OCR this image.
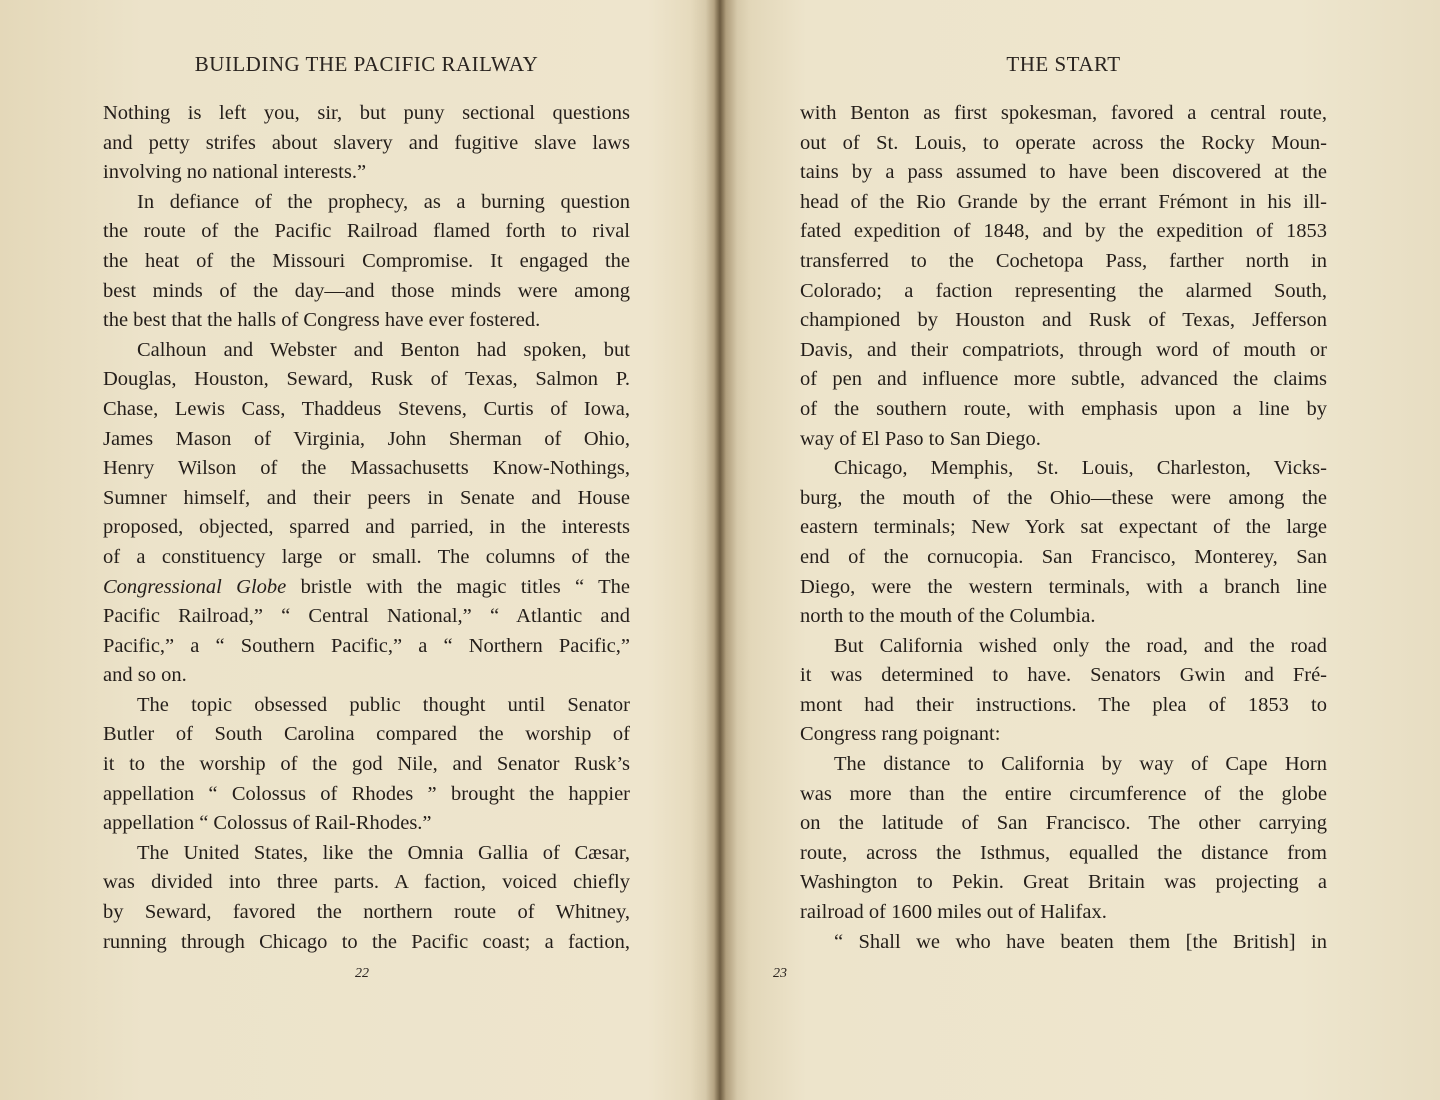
BUILDING THE PACIFIC RAILWAY
Nothing is left you, sir, but puny sectional questions
and petty strifes about slavery and fugitive slave laws
involving no national interests.”
In defiance of the prophecy, as a burning question
the route of the Pacific Railroad flamed forth to rival
the heat of the Missouri Compromise. It engaged the
best minds of the day—and those minds were among
the best that the halls of Congress have ever fostered.
Calhoun and Webster and Benton had spoken, but
Douglas, Houston, Seward, Rusk of Texas, Salmon P.
Chase, Lewis Cass, Thaddeus Stevens, Curtis of Iowa,
James Mason of Virginia, John Sherman of Ohio,
Henry Wilson of the Massachusetts Know-Nothings,
Sumner himself, and their peers in Senate and House
proposed, objected, sparred and parried, in the interests
of a constituency large or small. The columns of the
Congressional Globe bristle with the magic titles “ The
Pacific Railroad,” “ Central National,” “ Atlantic and
Pacific,” a “ Southern Pacific,” a “ Northern Pacific,”
and so on.
The topic obsessed public thought until Senator
Butler of South Carolina compared the worship of
it to the worship of the god Nile, and Senator Rusk’s
appellation “ Colossus of Rhodes ” brought the happier
appellation “ Colossus of Rail-Rhodes.”
The United States, like the Omnia Gallia of Cæsar,
was divided into three parts. A faction, voiced chiefly
by Seward, favored the northern route of Whitney,
running through Chicago to the Pacific coast; a faction,
22
THE START
with Benton as first spokesman, favored a central route,
out of St. Louis, to operate across the Rocky Moun-
tains by a pass assumed to have been discovered at the
head of the Rio Grande by the errant Frémont in his ill-
fated expedition of 1848, and by the expedition of 1853
transferred to the Cochetopa Pass, farther north in
Colorado; a faction representing the alarmed South,
championed by Houston and Rusk of Texas, Jefferson
Davis, and their compatriots, through word of mouth or
of pen and influence more subtle, advanced the claims
of the southern route, with emphasis upon a line by
way of El Paso to San Diego.
Chicago, Memphis, St. Louis, Charleston, Vicks-
burg, the mouth of the Ohio—these were among the
eastern terminals; New York sat expectant of the large
end of the cornucopia. San Francisco, Monterey, San
Diego, were the western terminals, with a branch line
north to the mouth of the Columbia.
But California wished only the road, and the road
it was determined to have. Senators Gwin and Fré-
mont had their instructions. The plea of 1853 to
Congress rang poignant:
The distance to California by way of Cape Horn
was more than the entire circumference of the globe
on the latitude of San Francisco. The other carrying
route, across the Isthmus, equalled the distance from
Washington to Pekin. Great Britain was projecting a
railroad of 1600 miles out of Halifax.
“ Shall we who have beaten them [the British] in
23
